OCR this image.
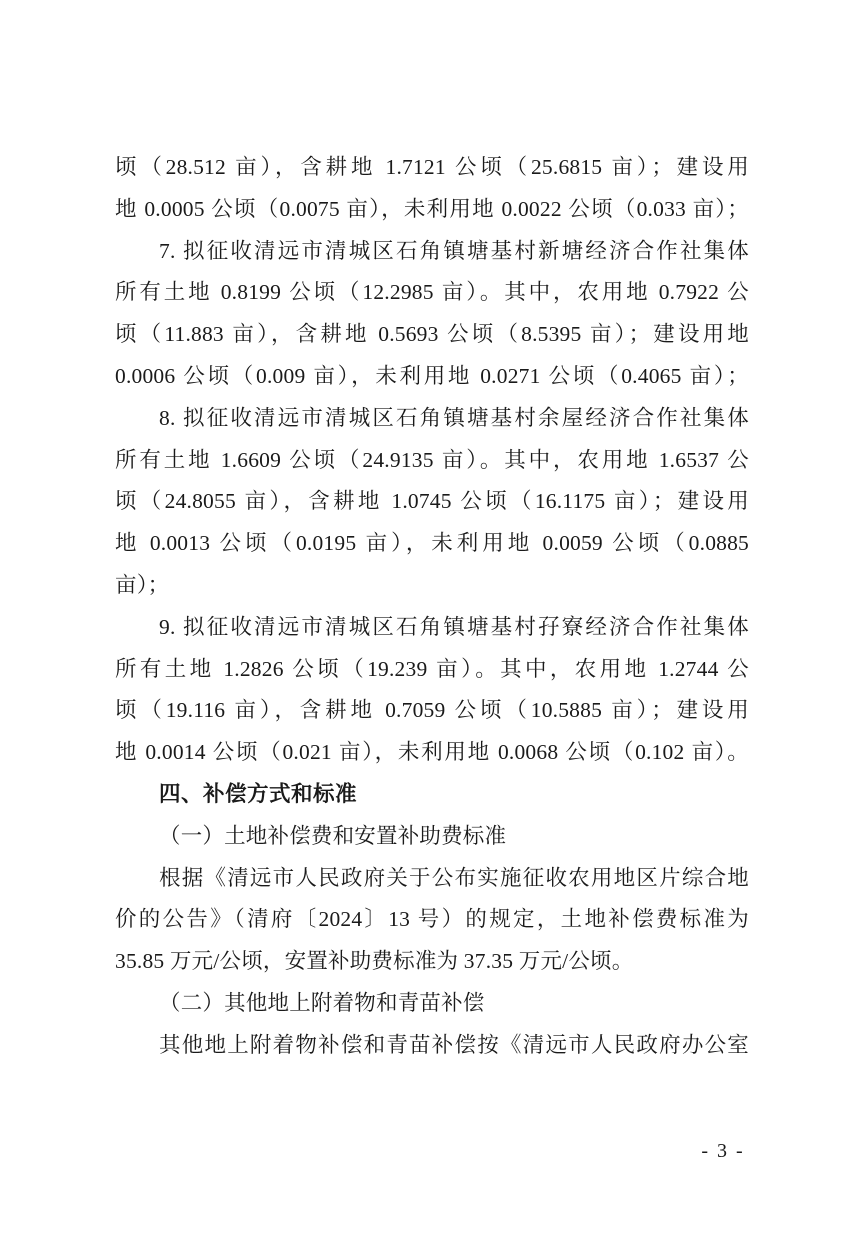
顷（28.512 亩），含耕地 1.7121 公顷（25.6815 亩）；建设用
地 0.0005 公顷（0.0075 亩），未利用地 0.0022 公顷（0.033 亩）；
7. 拟征收清远市清城区石角镇塘基村新塘经济合作社集体
所有土地 0.8199 公顷（12.2985 亩）。其中，农用地 0.7922 公
顷（11.883 亩），含耕地 0.5693 公顷（8.5395 亩）；建设用地
0.0006 公顷（0.009 亩），未利用地 0.0271 公顷（0.4065 亩）；
8. 拟征收清远市清城区石角镇塘基村余屋经济合作社集体
所有土地 1.6609 公顷（24.9135 亩）。其中，农用地 1.6537 公
顷（24.8055 亩），含耕地 1.0745 公顷（16.1175 亩）；建设用
地 0.0013 公顷（0.0195 亩），未利用地 0.0059 公顷（0.0885
亩）；
9. 拟征收清远市清城区石角镇塘基村孖寮经济合作社集体
所有土地 1.2826 公顷（19.239 亩）。其中，农用地 1.2744 公
顷（19.116 亩），含耕地 0.7059 公顷（10.5885 亩）；建设用
地 0.0014 公顷（0.021 亩），未利用地 0.0068 公顷（0.102 亩）。
四、补偿方式和标准
（一）土地补偿费和安置补助费标准
根据《清远市人民政府关于公布实施征收农用地区片综合地
价的公告》（清府〔2024〕13 号）的规定，土地补偿费标准为
35.85 万元/公顷，安置补助费标准为 37.35 万元/公顷。
（二）其他地上附着物和青苗补偿
其他地上附着物补偿和青苗补偿按《清远市人民政府办公室
- 3 -
